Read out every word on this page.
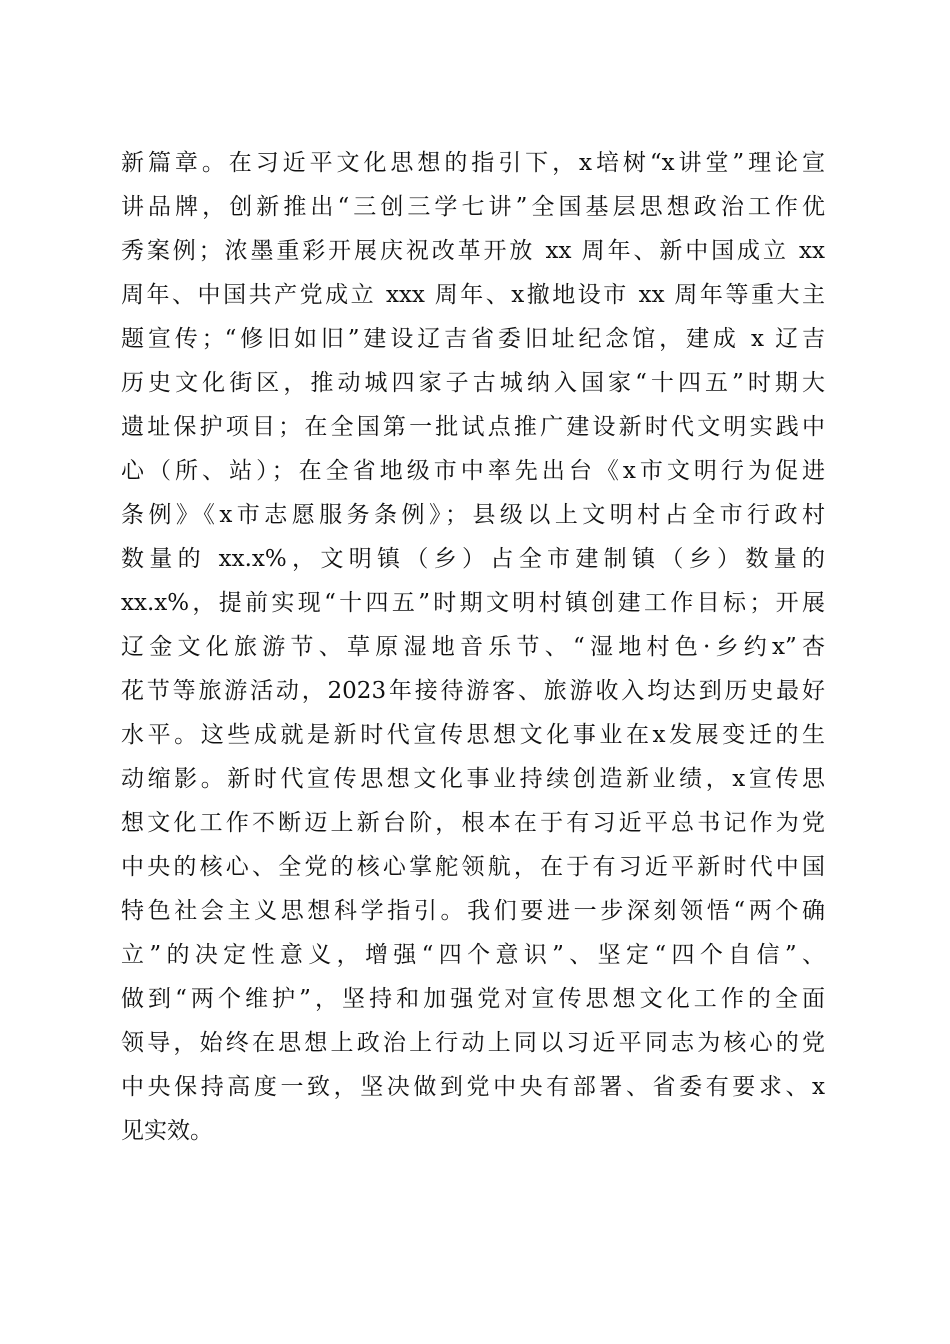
新篇章。在习近平文化思想的指引下，x培树“x讲堂”理论宣
讲品牌，创新推出“三创三学七讲”全国基层思想政治工作优
秀案例；浓墨重彩开展庆祝改革开放 xx 周年、新中国成立 xx
周年、中国共产党成立 xxx 周年、x撤地设市 xx 周年等重大主
题宣传；“修旧如旧”建设辽吉省委旧址纪念馆，建成 x 辽吉
历史文化街区，推动城四家子古城纳入国家“十四五”时期大
遗址保护项目；在全国第一批试点推广建设新时代文明实践中
心（所、站）；在全省地级市中率先出台《x市文明行为促进
条例》《x市志愿服务条例》；县级以上文明村占全市行政村
数量的 xx.x%，文明镇（乡）占全市建制镇（乡）数量的
xx.x%，提前实现“十四五”时期文明村镇创建工作目标；开展
辽金文化旅游节、草原湿地音乐节、“湿地村色·乡约x”杏
花节等旅游活动，2023年接待游客、旅游收入均达到历史最好
水平。这些成就是新时代宣传思想文化事业在x发展变迁的生
动缩影。新时代宣传思想文化事业持续创造新业绩，x宣传思
想文化工作不断迈上新台阶，根本在于有习近平总书记作为党
中央的核心、全党的核心掌舵领航，在于有习近平新时代中国
特色社会主义思想科学指引。我们要进一步深刻领悟“两个确
立”的决定性意义，增强“四个意识”、坚定“四个自信”、
做到“两个维护”，坚持和加强党对宣传思想文化工作的全面
领导，始终在思想上政治上行动上同以习近平同志为核心的党
中央保持高度一致，坚决做到党中央有部署、省委有要求、x
见实效。
